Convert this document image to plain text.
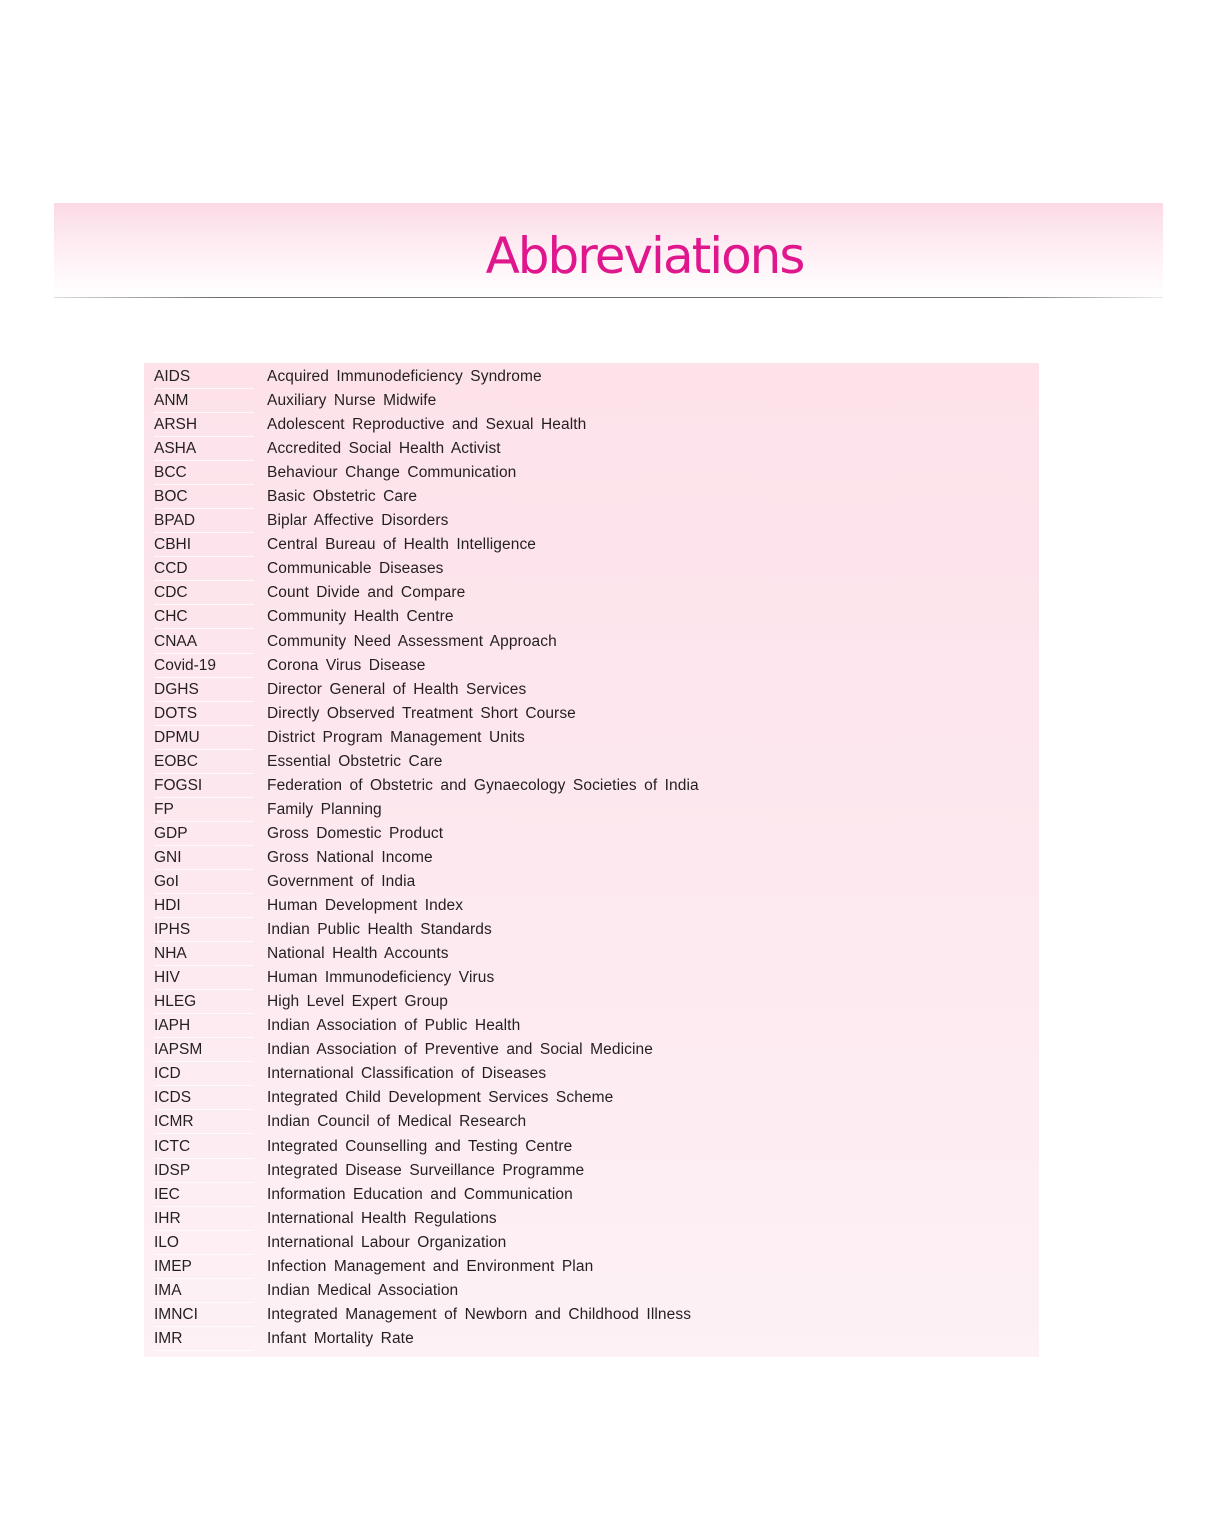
Abbreviations
AIDS	Acquired Immunodeficiency Syndrome
ANM	Auxiliary Nurse Midwife
ARSH	Adolescent Reproductive and Sexual Health
ASHA	Accredited Social Health Activist
BCC	Behaviour Change Communication
BOC	Basic Obstetric Care
BPAD	Biplar Affective Disorders
CBHI	Central Bureau of Health Intelligence
CCD	Communicable Diseases
CDC	Count Divide and Compare
CHC	Community Health Centre
CNAA	Community Need Assessment Approach
Covid-19	Corona Virus Disease
DGHS	Director General of Health Services
DOTS	Directly Observed Treatment Short Course
DPMU	District Program Management Units
EOBC	Essential Obstetric Care
FOGSI	Federation of Obstetric and Gynaecology Societies of India
FP	Family Planning
GDP	Gross Domestic Product
GNI	Gross National Income
GoI	Government of India
HDI	Human Development Index
IPHS	Indian Public Health Standards
NHA	National Health Accounts
HIV	Human Immunodeficiency Virus
HLEG	High Level Expert Group
IAPH	Indian Association of Public Health
IAPSM	Indian Association of Preventive and Social Medicine
ICD	International Classification of Diseases
ICDS	Integrated Child Development Services Scheme
ICMR	Indian Council of Medical Research
ICTC	Integrated Counselling and Testing Centre
IDSP	Integrated Disease Surveillance Programme
IEC	Information Education and Communication
IHR	International Health Regulations
ILO	International Labour Organization
IMEP	Infection Management and Environment Plan
IMA	Indian Medical Association
IMNCI	Integrated Management of Newborn and Childhood Illness
IMR	Infant Mortality Rate
